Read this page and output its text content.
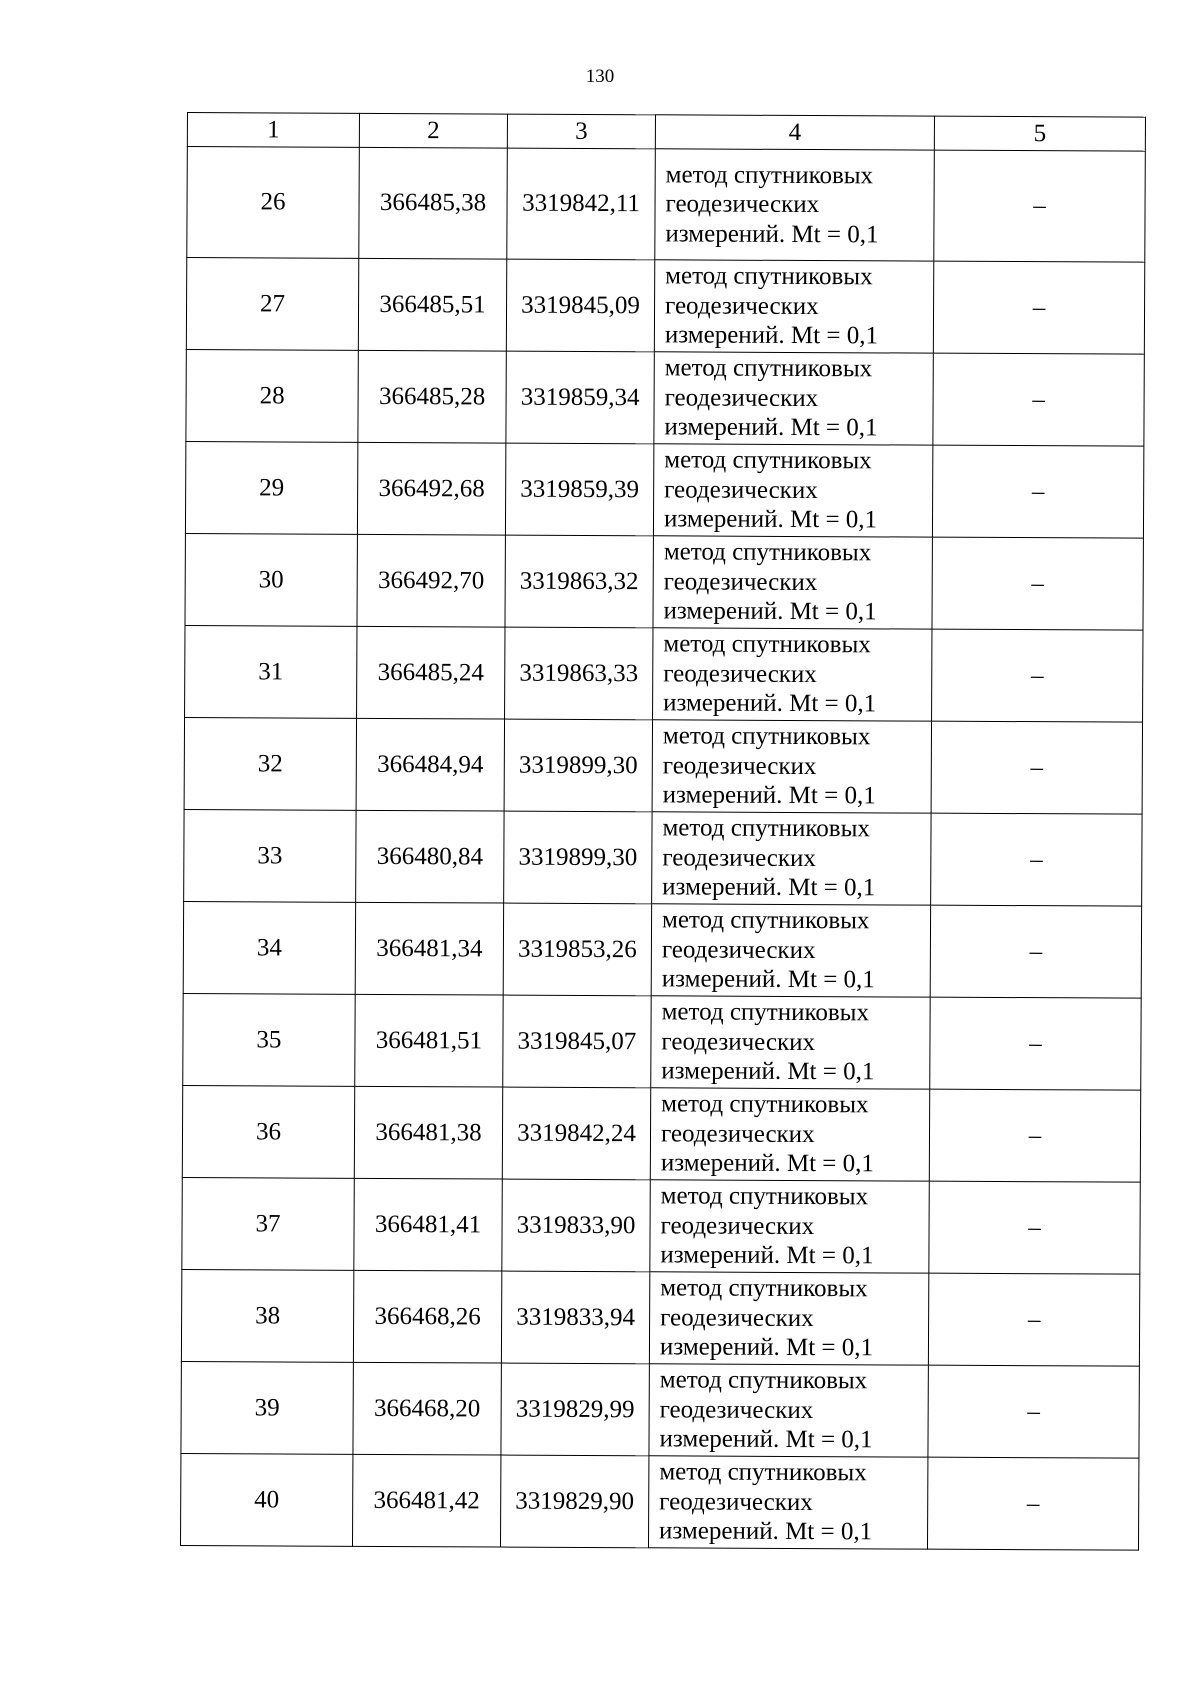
130
1	2	3	4	5
26	366485,38	3319842,11	метод спутниковых
геодезических
измерений. Mt = 0,1	–
27	366485,51	3319845,09	метод спутниковых
геодезических
измерений. Mt = 0,1	–
28	366485,28	3319859,34	метод спутниковых
геодезических
измерений. Mt = 0,1	–
29	366492,68	3319859,39	метод спутниковых
геодезических
измерений. Mt = 0,1	–
30	366492,70	3319863,32	метод спутниковых
геодезических
измерений. Mt = 0,1	–
31	366485,24	3319863,33	метод спутниковых
геодезических
измерений. Mt = 0,1	–
32	366484,94	3319899,30	метод спутниковых
геодезических
измерений. Mt = 0,1	–
33	366480,84	3319899,30	метод спутниковых
геодезических
измерений. Mt = 0,1	–
34	366481,34	3319853,26	метод спутниковых
геодезических
измерений. Mt = 0,1	–
35	366481,51	3319845,07	метод спутниковых
геодезических
измерений. Mt = 0,1	–
36	366481,38	3319842,24	метод спутниковых
геодезических
измерений. Mt = 0,1	–
37	366481,41	3319833,90	метод спутниковых
геодезических
измерений. Mt = 0,1	–
38	366468,26	3319833,94	метод спутниковых
геодезических
измерений. Mt = 0,1	–
39	366468,20	3319829,99	метод спутниковых
геодезических
измерений. Mt = 0,1	–
40	366481,42	3319829,90	метод спутниковых
геодезических
измерений. Mt = 0,1	–
